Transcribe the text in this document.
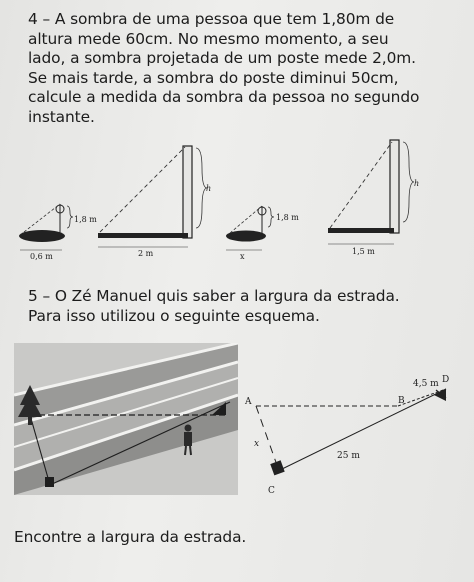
4 – A sombra de uma pessoa que tem 1,80m de
altura mede 60cm. No mesmo momento, a seu
lado, a sombra projetada de um poste mede 2,0m.
Se mais tarde, a sombra do poste diminui 50cm,
calcule a medida da sombra da pessoa no segundo
instante.
1,8 m
0,6 m
h
2 m
1,8 m
x
h
1,5 m
5 – O Zé Manuel quis saber a largura da estrada.
Para isso utilizou o seguinte esquema.
A	B
C
D
4,5 m
25 m
x
Encontre a largura da estrada.
